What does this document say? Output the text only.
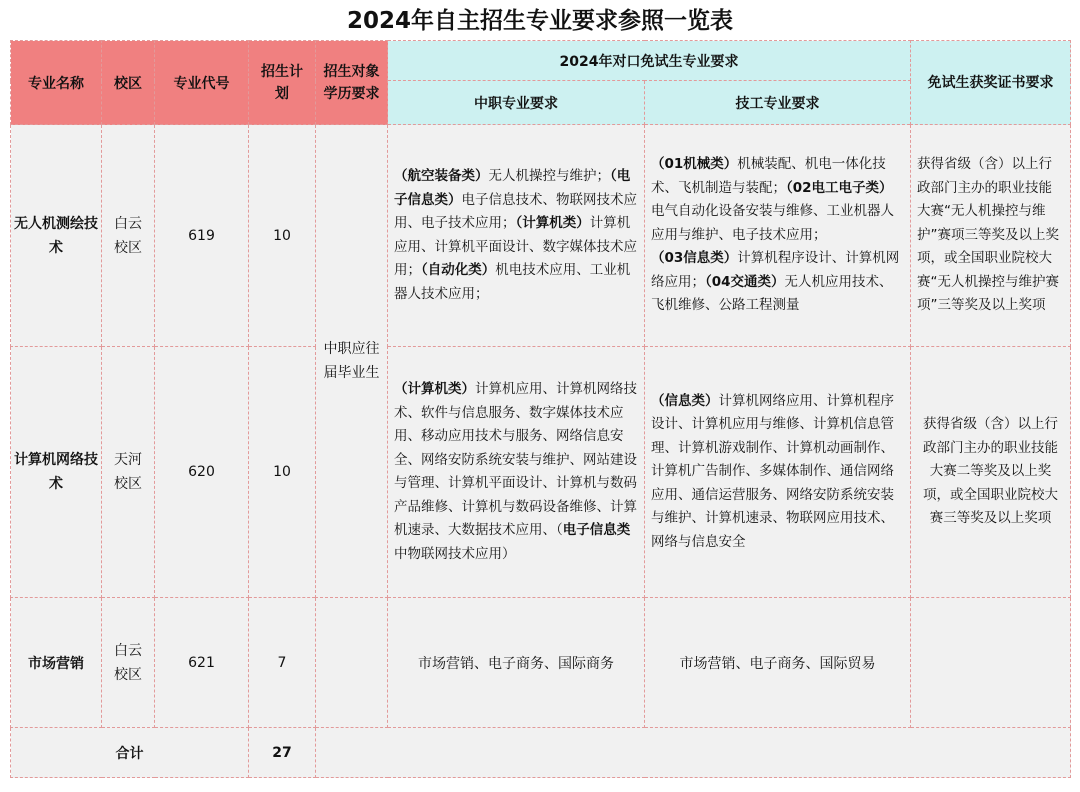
2024年自主招生专业要求参照一览表
专业名称	校区	专业代号	招生计划	招生对象学历要求	2024年对口免试生专业要求		免试生获奖证书要求
					中职专业要求	技工专业要求	
无人机测绘技术	白云校区	619	10	中职应往届毕业生	（航空装备类）无人机操控与维护；（电子信息类）电子信息技术、物联网技术应用、电子技术应用；（计算机类）计算机应用、计算机平面设计、数字媒体技术应用；（自动化类）机电技术应用、工业机器人技术应用；	（01机械类）机械装配、机电一体化技术、飞机制造与装配；（02电工电子类）电气自动化设备安装与维修、工业机器人应用与维护、电子技术应用；（03信息类）计算机程序设计、计算机网络应用；（04交通类）无人机应用技术、飞机维修、公路工程测量	获得省级（含）以上行政部门主办的职业技能大赛“无人机操控与维护”赛项三等奖及以上奖项，或全国职业院校大赛“无人机操控与维护赛项”三等奖及以上奖项
计算机网络技术	天河校区	620	10		（计算机类）计算机应用、计算机网络技术、软件与信息服务、数字媒体技术应用、移动应用技术与服务、网络信息安全、网络安防系统安装与维护、网站建设与管理、计算机平面设计、计算机与数码产品维修、计算机与数码设备维修、计算机速录、大数据技术应用、（电子信息类中物联网技术应用）	（信息类）计算机网络应用、计算机程序设计、计算机应用与维修、计算机信息管理、计算机游戏制作、计算机动画制作、计算机广告制作、多媒体制作、通信网络应用、通信运营服务、网络安防系统安装与维护、计算机速录、物联网应用技术、网络与信息安全	获得省级（含）以上行政部门主办的职业技能大赛二等奖及以上奖项，或全国职业院校大赛三等奖及以上奖项
市场营销	白云校区	621	7		市场营销、电子商务、国际商务	市场营销、电子商务、国际贸易	
合计			27				
